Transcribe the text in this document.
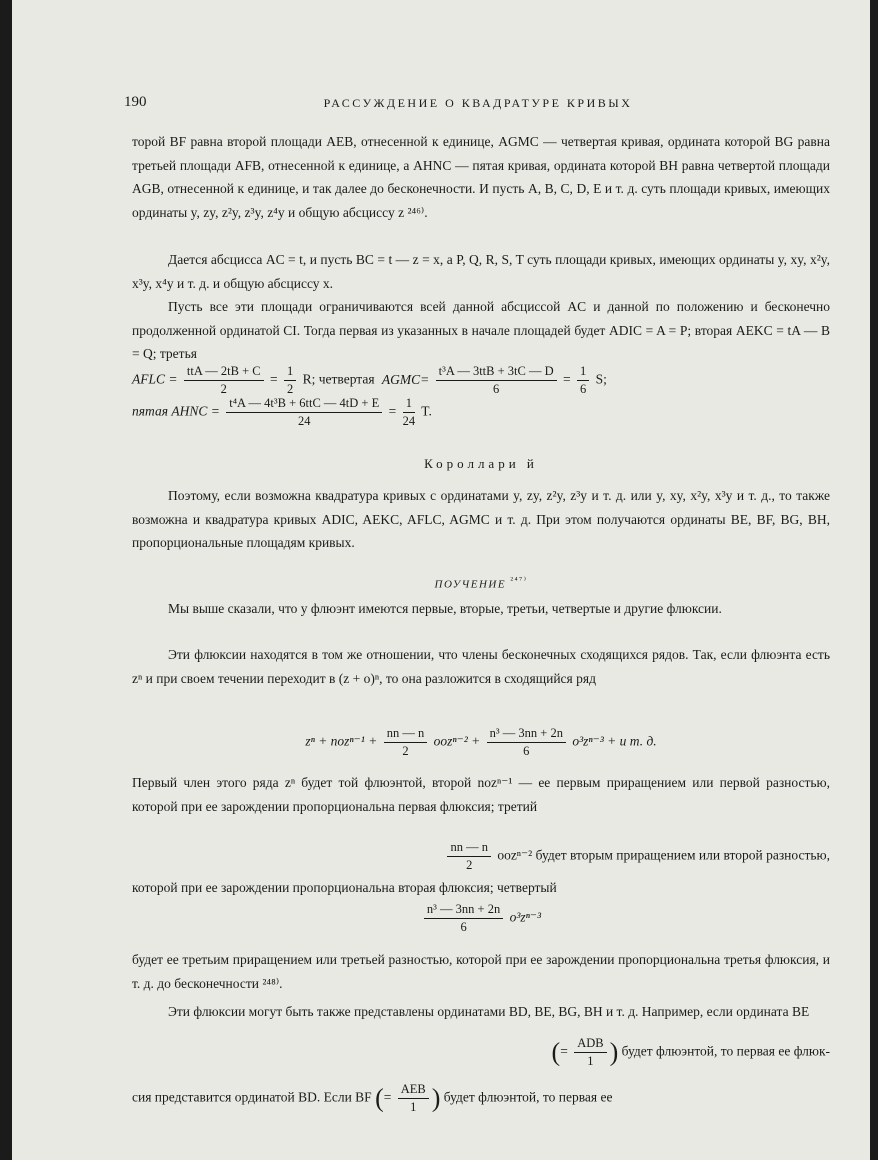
190	РАССУЖДЕНИЕ О КВАДРАТУРЕ КРИВЫХ

торой BF равна второй площади AEB, отнесенной к единице, AGMC — четвертая кривая, ордината которой BG равна третьей площади AFB, отнесенной к единице, а AHNC — пятая кривая, ордината которой BH равна четвертой площади AGB, отнесенной к единице, и так далее до бесконечности. И пусть A, B, C, D, E и т. д. суть площади кривых, имеющих ординаты y, zy, z²y, z³y, z⁴y и общую абсциссу z ²⁴⁶⁾.

Дается абсцисса AC = t, и пусть BC = t — z = x, а P, Q, R, S, T суть площади кривых, имеющих ординаты y, xy, x²y, x³y, x⁴y и т. д. и общую абсциссу x.

Пусть все эти площади ограничиваются всей данной абсциссой AC и данной по положению и бесконечно продолженной ординатой CI. Тогда первая из указанных в начале площадей будет ADIC = A = P; вторая AEKC = tA — B = Q; третья

AFLC = $\frac{\text{ttA — 2tB + C}}{2} = \frac{1}{2} R$; четвертая AGMC= $\frac{\text{t³A — 3ttB + 3tC — D}}{6} = \frac{1}{6} S$;
пятая AHNC = $\frac{\text{t⁴A — 4t³B + 6ttC — 4tD + E}}{24} = \frac{1}{24} T$.
Короллари й

Поэтому, если возможна квадратура кривых с ординатами y, zy, z²y, z³y и т. д. или y, xy, x²y, x³y и т. д., то также возможна и квадратура кривых ADIC, AEKC, AFLC, AGMC и т. д. При этом получаются ординаты BE, BF, BG, BH, пропорциональные площадям кривых.

ПОУЧЕНИЕ $^{^{247)}}$

Мы выше сказали, что у флюэнт имеются первые, вторые, третьи, четвертые и другие флюксии.

Эти флюксии находятся в том же отношении, что члены бесконечных сходящихся рядов. Так, если флюэнта есть zⁿ и при своем течении переходит в (z + o)ⁿ, то она разложится в сходящийся ряд

$z^n + noz^{n-1} + \frac{nn — n}{2} ooz^{n-2} + \frac{\text{n³ — 3nn + 2n}}{6} o^3z^{n-3} + и$ т. д.

Первый член этого ряда zⁿ будет той флюэнтой, второй nozⁿ⁻¹ — ее первым приращением или первой разностью, которой при ее зарождении пропорциональна первая флюксия; третий

$\frac{nn — n}{2} ooz^{n-2}$ будет вторым приращением или второй разностью,

которой при ее зарождении пропорциональна вторая флюксия; четвертый

$\frac{\text{n³ — 3nn + 2n}}{6} o^3z^{n-3}$

будет ее третьим приращением или третьей разностью, которой при ее зарождении пропорциональна третья флюксия, и т. д. до бесконечности ²⁴⁸⁾.

Эти флюксии могут быть также представлены ординатами BD, BE, BG, BH и т. д. Например, если ордината BE

(= $\frac{\text{ADB}}{1}$ ) будет флюэнтой, то первая ее флюк-
сия представится ординатой BD. Если BF (= $\frac{\text{AEB}}{1}$ ) будет флюэнтой, то первая ее
